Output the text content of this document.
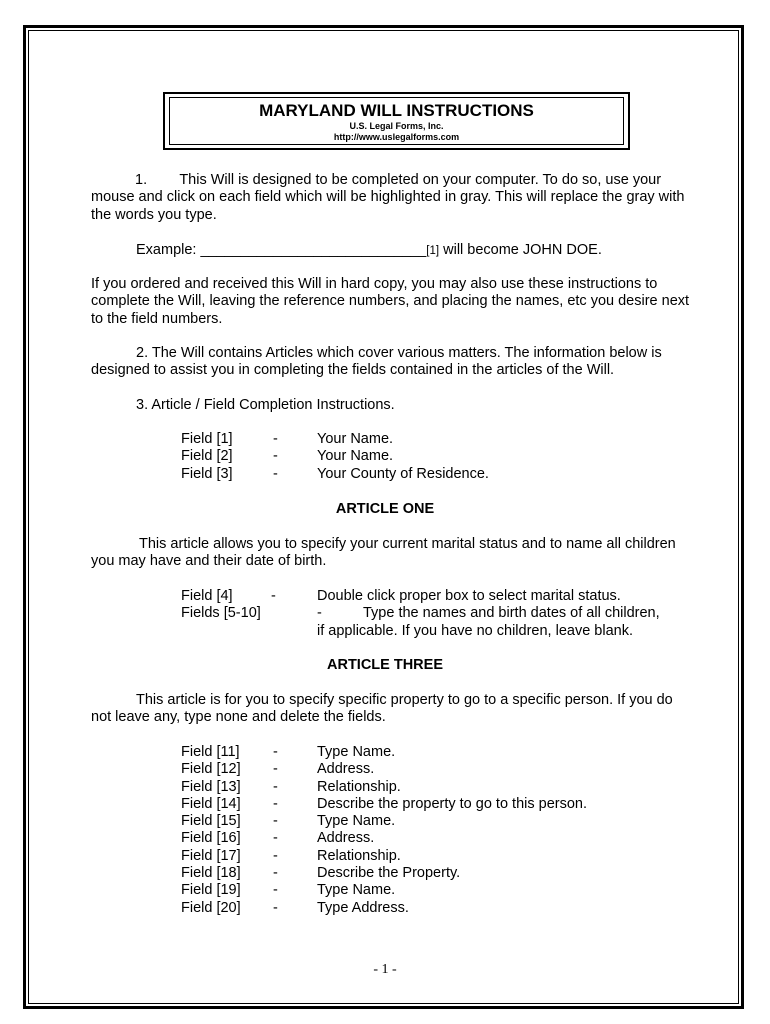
MARYLAND WILL INSTRUCTIONS
U.S. Legal Forms, Inc.
http://www.uslegalforms.com

1. This Will is designed to be completed on your computer. To do so, use your mouse and click on each field which will be highlighted in gray. This will replace the gray with the words you type.

Example: ____________________________[1] will become JOHN DOE.

If you ordered and received this Will in hard copy, you may also use these instructions to complete the Will, leaving the reference numbers, and placing the names, etc you desire next to the field numbers.

2. The Will contains Articles which cover various matters. The information below is designed to assist you in completing the fields contained in the articles of the Will.

3. Article / Field Completion Instructions.

Field [1]	-	Your Name.
Field [2]	-	Your Name.
Field [3]	-	Your County of Residence.
ARTICLE ONE

This article allows you to specify your current marital status and to name all children you may have and their date of birth.

Field [4]	-	Double click proper box to select marital status.
Fields [5-10]	-	Type the names and birth dates of all children,
if applicable. If you have no children, leave blank.
ARTICLE THREE

This article is for you to specify specific property to go to a specific person. If you do not leave any, type none and delete the fields.

Field [11] -	Type Name.
Field [12] -	Address.
Field [13] -	Relationship.
Field [14] -	Describe the property to go to this person.
Field [15] -	Type Name.
Field [16] -	Address.
Field [17] -	Relationship.
Field [18] -	Describe the Property.
Field [19] -	Type Name.
Field [20] -	Type Address.
- 1 -
